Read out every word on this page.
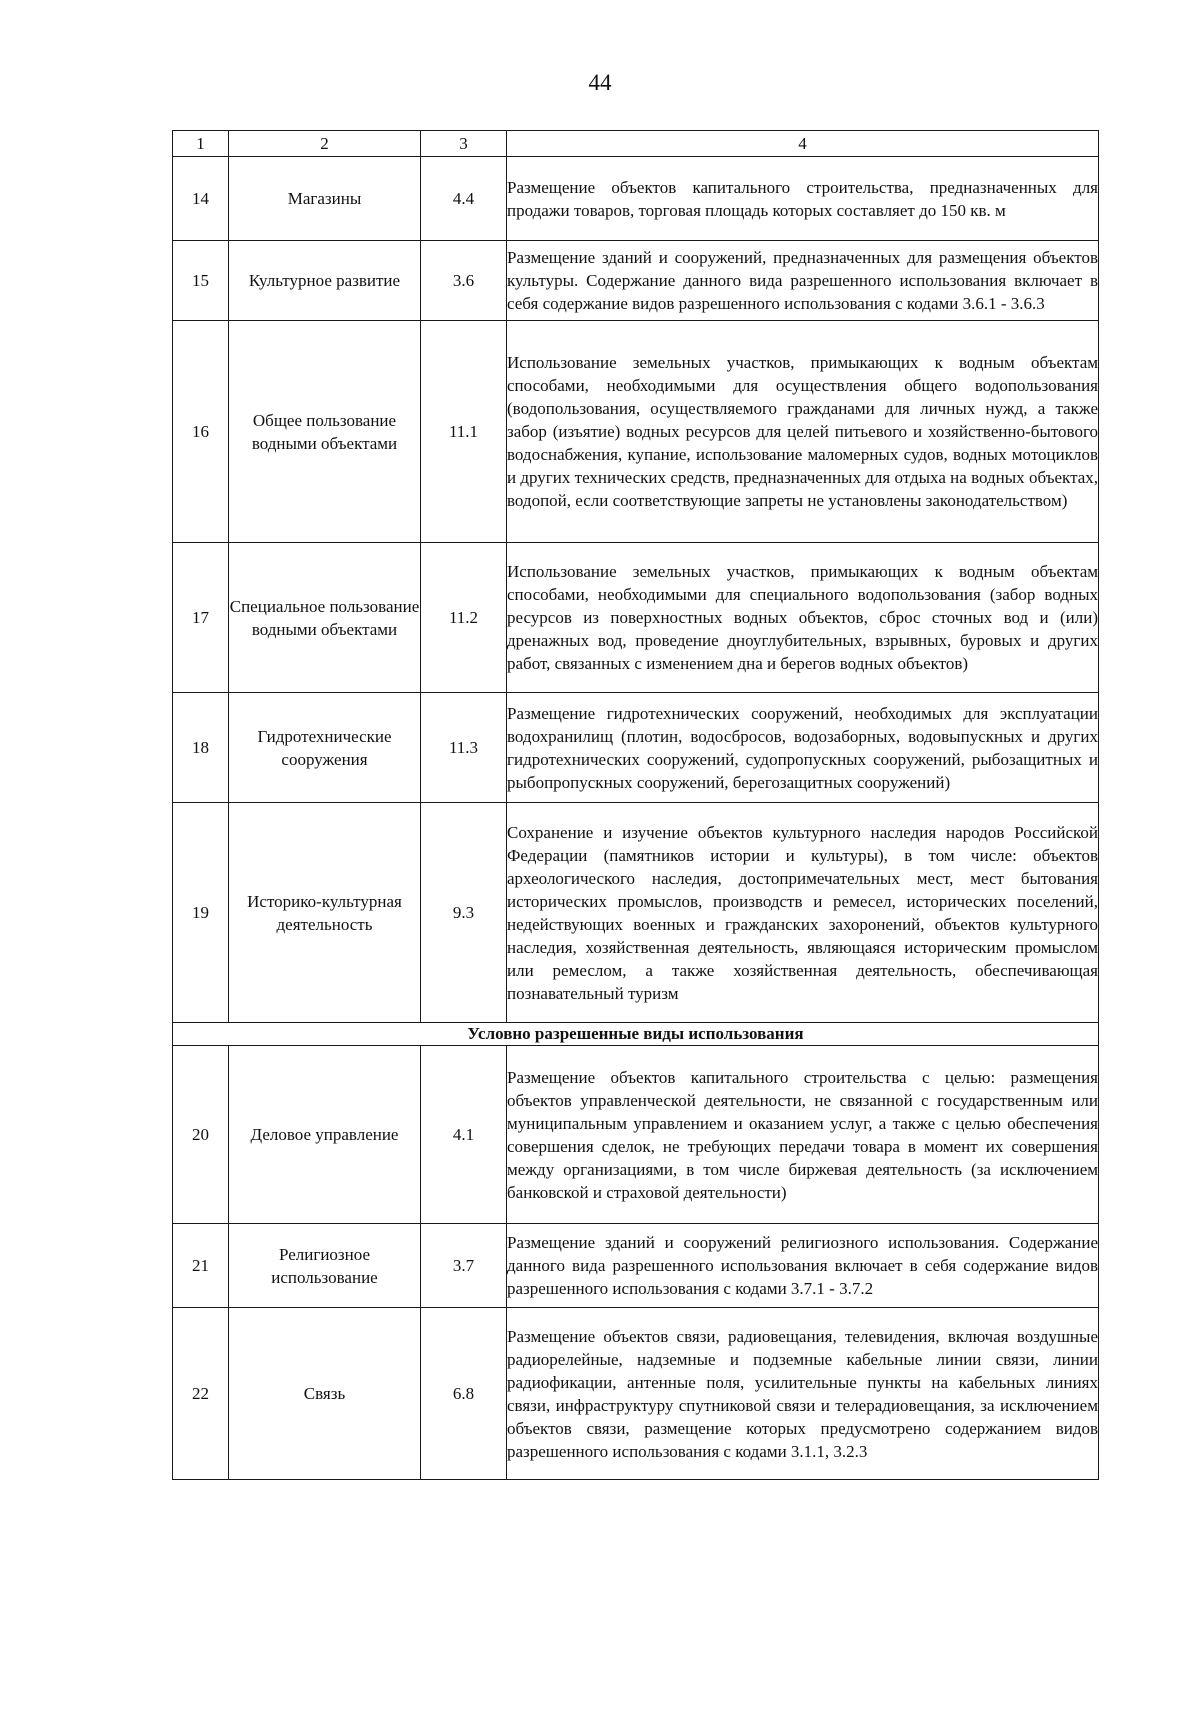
44
1	2	3	4
14	Магазины	4.4	Размещение объектов капитального строительства, предназначенных для продажи товаров, торговая площадь которых составляет до 150 кв. м
15	Культурное развитие	3.6	Размещение зданий и сооружений, предназначенных для размещения объектов культуры. Содержание данного вида разрешенного использования включает в себя содержание видов разрешенного использования с кодами 3.6.1 - 3.6.3
16	Общее пользование водными объектами	11.1	Использование земельных участков, примыкающих к водным объектам способами, необходимыми для осуществления общего водопользования (водопользования, осуществляемого гражданами для личных нужд, а также забор (изъятие) водных ресурсов для целей питьевого и хозяйственно-бытового водоснабжения, купание, использование маломерных судов, водных мотоциклов и других технических средств, предназначенных для отдыха на водных объектах, водопой, если соответствующие запреты не установлены законодательством)
17	Специальное пользование водными объектами	11.2	Использование земельных участков, примыкающих к водным объектам способами, необходимыми для специального водопользования (забор водных ресурсов из поверхностных водных объектов, сброс сточных вод и (или) дренажных вод, проведение дноуглубительных, взрывных, буровых и других работ, связанных с изменением дна и берегов водных объектов)
18	Гидротехнические сооружения	11.3	Размещение гидротехнических сооружений, необходимых для эксплуатации водохранилищ (плотин, водосбросов, водозаборных, водовыпускных и других гидротехнических сооружений, судопропускных сооружений, рыбозащитных и рыбопропускных сооружений, берегозащитных сооружений)
19	Историко-культурная деятельность	9.3	Сохранение и изучение объектов культурного наследия народов Российской Федерации (памятников истории и культуры), в том числе: объектов археологического наследия, достопримечательных мест, мест бытования исторических промыслов, производств и ремесел, исторических поселений, недействующих военных и гражданских захоронений, объектов культурного наследия, хозяйственная деятельность, являющаяся историческим промыслом или ремеслом, а также хозяйственная деятельность, обеспечивающая познавательный туризм
Условно разрешенные виды использования			
20	Деловое управление	4.1	Размещение объектов капитального строительства с целью: размещения объектов управленческой деятельности, не связанной с государственным или муниципальным управлением и оказанием услуг, а также с целью обеспечения совершения сделок, не требующих передачи товара в момент их совершения между организациями, в том числе биржевая деятельность (за исключением банковской и страховой деятельности)
21	Религиозное использование	3.7	Размещение зданий и сооружений религиозного использования. Содержание данного вида разрешенного использования включает в себя содержание видов разрешенного использования с кодами 3.7.1 - 3.7.2
22	Связь	6.8	Размещение объектов связи, радиовещания, телевидения, включая воздушные радиорелейные, надземные и подземные кабельные линии связи, линии радиофикации, антенные поля, усилительные пункты на кабельных линиях связи, инфраструктуру спутниковой связи и телерадиовещания, за исключением объектов связи, размещение которых предусмотрено содержанием видов разрешенного использования с кодами 3.1.1, 3.2.3
